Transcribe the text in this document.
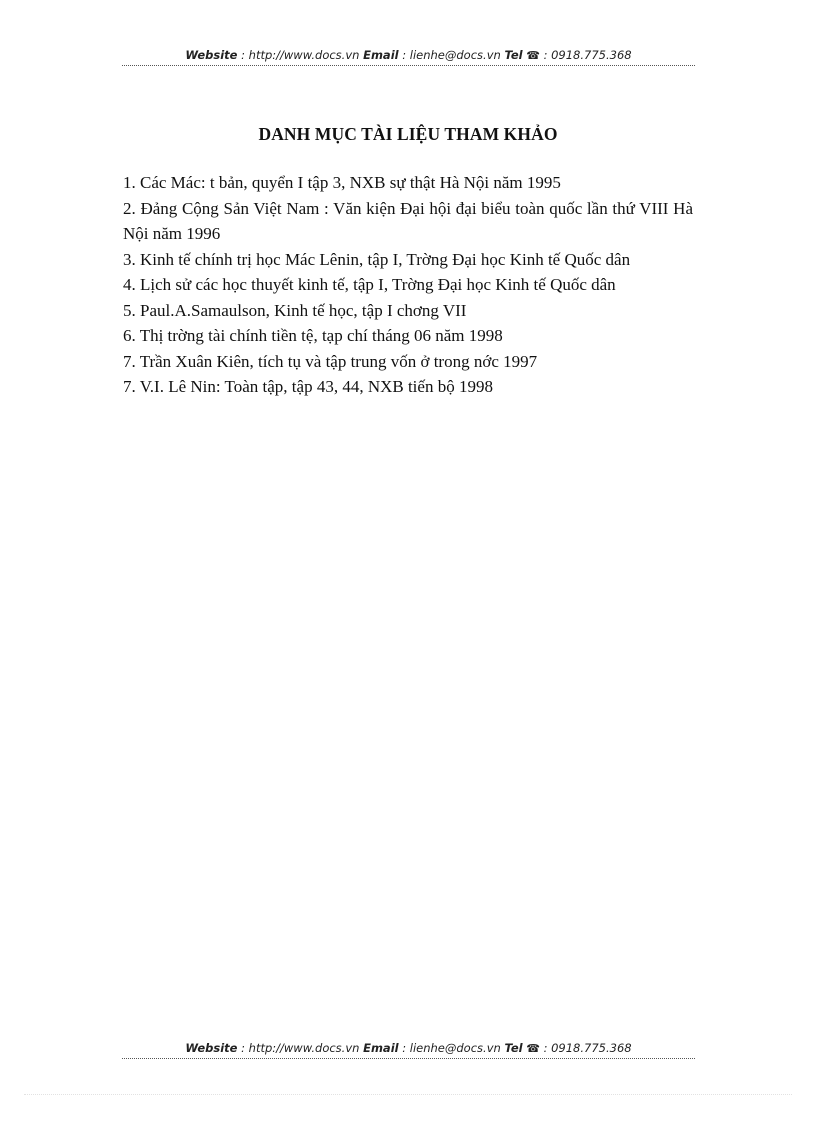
Website : http://www.docs.vn Email : lienhe@docs.vn Tel ☎ : 0918.775.368
DANH MỤC TÀI LIỆU THAM KHẢO
1. Các Mác: t bản, quyển I tập 3, NXB sự thật Hà Nội năm 1995
2. Đảng Cộng Sản Việt Nam : Văn kiện Đại hội đại biểu toàn quốc lần thứ VIII Hà Nội năm 1996
3. Kinh tế chính trị học Mác Lênin, tập I, Trờng Đại học Kinh tế Quốc dân
4. Lịch sử các học thuyết kinh tế, tập I, Trờng Đại học Kinh tế Quốc dân
5. Paul.A.Samaulson, Kinh tế học, tập I chơng VII
6. Thị trờng tài chính tiền tệ, tạp chí tháng 06 năm 1998
7. Trần Xuân Kiên, tích tụ và tập trung vốn ở trong nớc 1997
7. V.I. Lê Nin: Toàn tập, tập 43, 44, NXB tiến bộ 1998
Website : http://www.docs.vn Email : lienhe@docs.vn Tel ☎ : 0918.775.368
